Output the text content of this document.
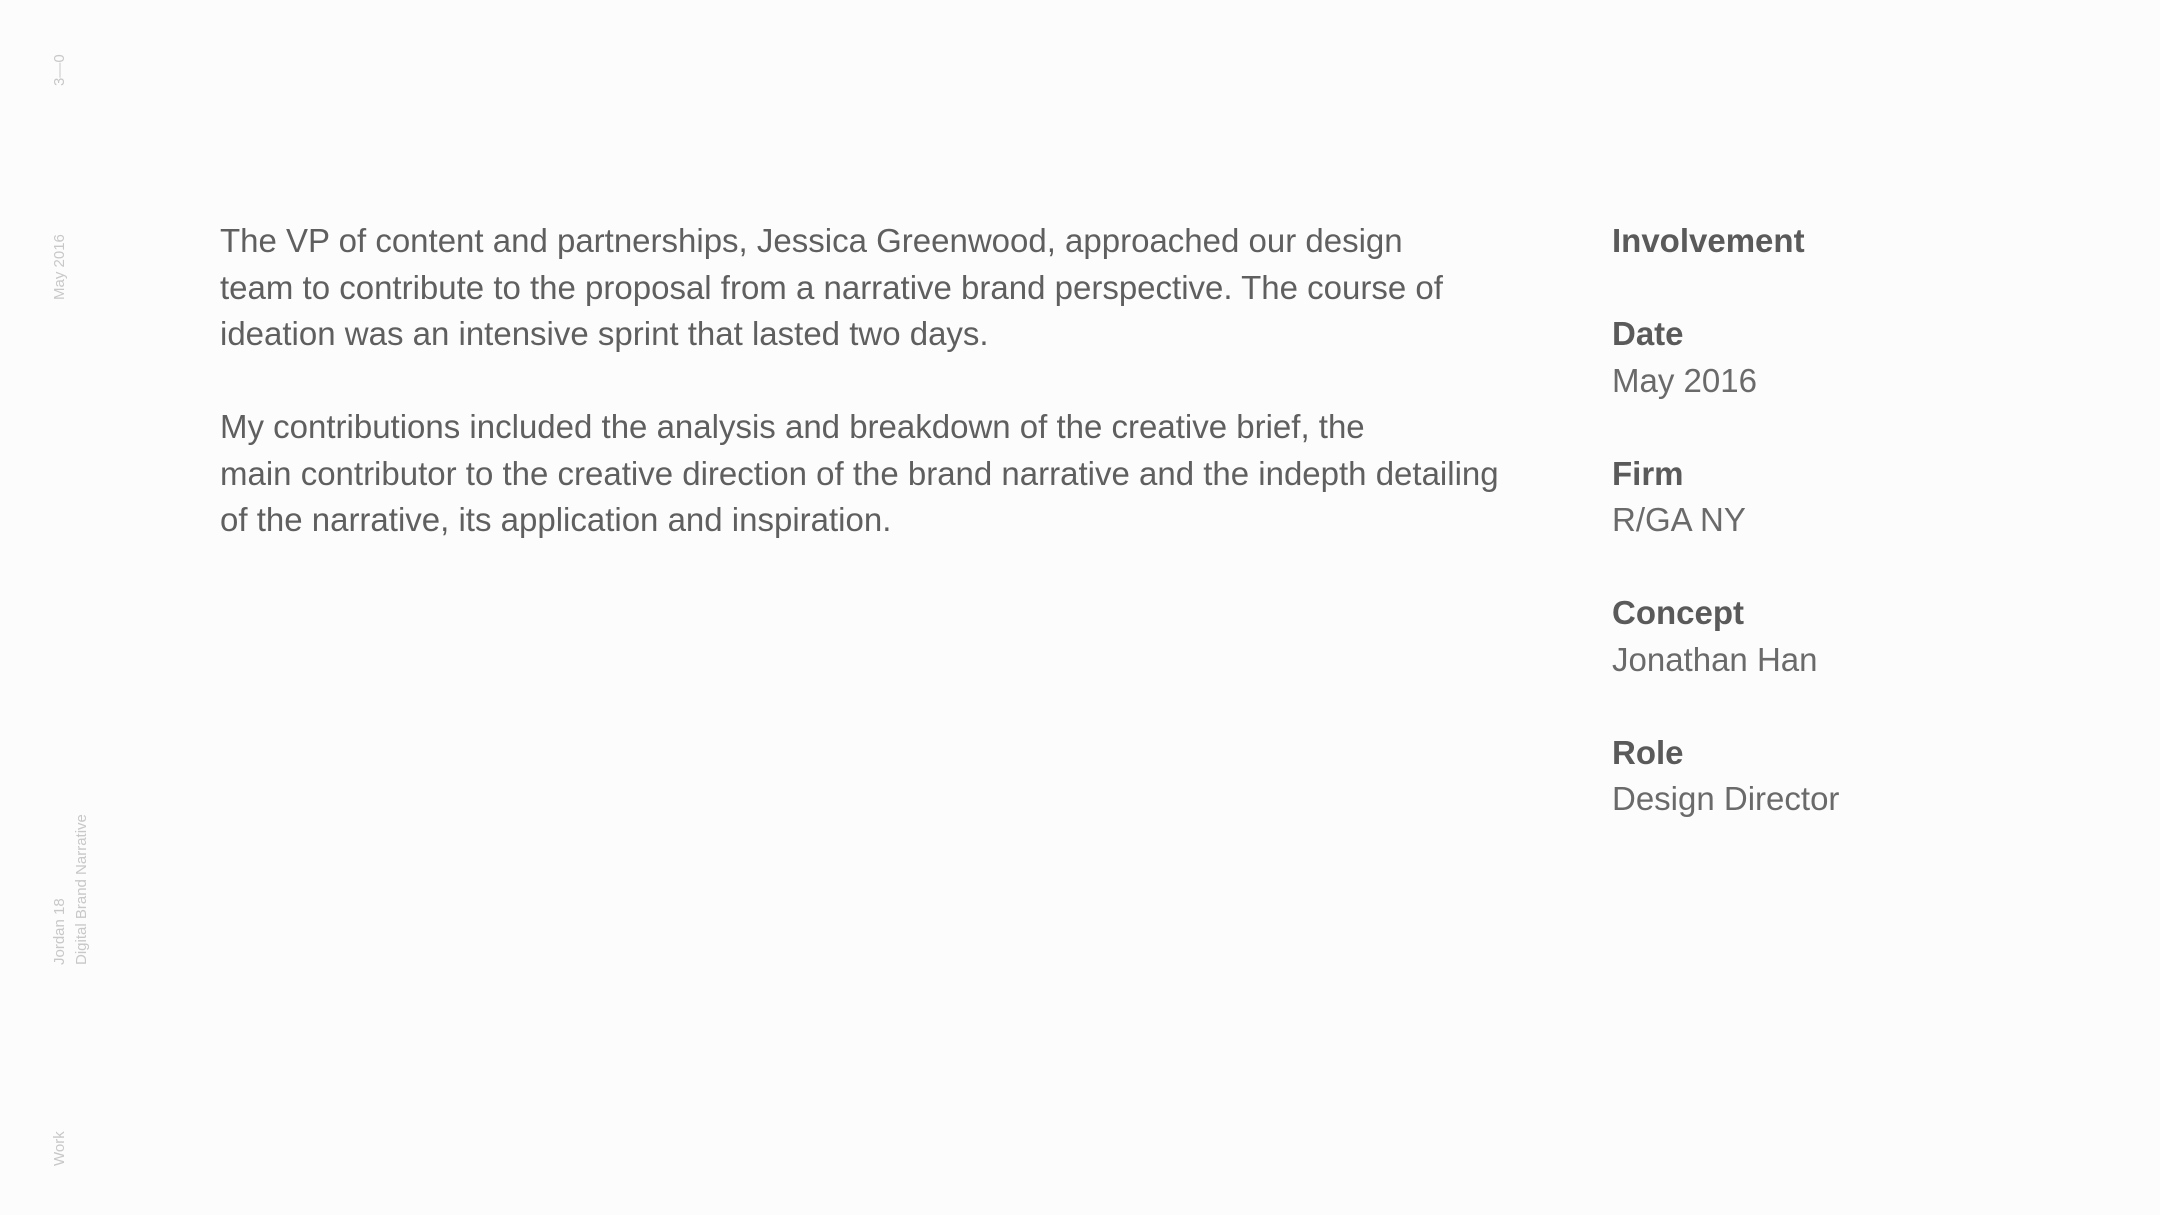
3—0
May 2016
Jordan 18 Digital Brand Narrative
Work

The VP of content and partnerships, Jessica Greenwood, approached our design
team to contribute to the proposal from a narrative brand perspective. The course of
ideation was an intensive sprint that lasted two days.

My contributions included the analysis and breakdown of the creative brief, the
main contributor to the creative direction of the brand narrative and the indepth detailing
of the narrative, its application and inspiration.

Involvement
Date
May 2016
Firm
R/GA NY
Concept
Jonathan Han
Role
Design Director
